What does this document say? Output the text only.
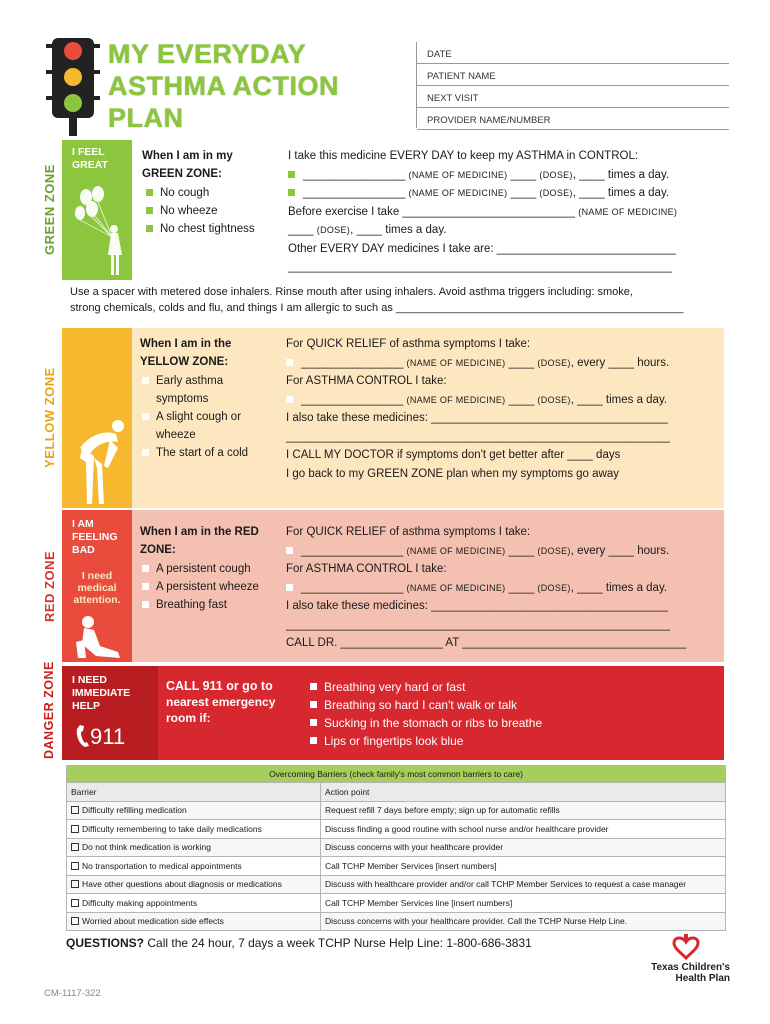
MY EVERYDAY
ASTHMA ACTION
PLAN
DATE
PATIENT NAME
NEXT VISIT
PROVIDER NAME/NUMBER
GREEN ZONE
I FEEL
GREAT
When I am in my
GREEN ZONE:
No cough
No wheeze
No chest tightness
I take this medicine EVERY DAY to keep my ASTHMA in CONTROL:
________________ (NAME OF MEDICINE) ____ (DOSE), ____ times a day.
________________ (NAME OF MEDICINE) ____ (DOSE), ____ times a day.
Before exercise I take ___________________________ (NAME OF MEDICINE)
____ (DOSE), ____ times a day.
Other EVERY DAY medicines I take are: ____________________________
____________________________________________________________
Use a spacer with metered dose inhalers. Rinse mouth after using inhalers. Avoid asthma triggers including: smoke,
strong chemicals, colds and flu, and things I am allergic to such as _______________________________________________
YELLOW ZONE
When I am in the
YELLOW ZONE:
Early asthma symptoms
A slight cough or wheeze
The start of a cold
For QUICK RELIEF of asthma symptoms I take:
________________ (NAME OF MEDICINE) ____ (DOSE), every ____ hours.
For ASTHMA CONTROL I take:
________________ (NAME OF MEDICINE) ____ (DOSE), ____ times a day.
I also take these medicines: _____________________________________
____________________________________________________________
I CALL MY DOCTOR if symptoms don't get better after ____ days
I go back to my GREEN ZONE plan when my symptoms go away
RED ZONE
I AM
FEELING
BAD
I need
medical
attention.
When I am in the RED
ZONE:
A persistent cough
A persistent wheeze
Breathing fast
For QUICK RELIEF of asthma symptoms I take:
________________ (NAME OF MEDICINE) ____ (DOSE), every ____ hours.
For ASTHMA CONTROL I take:
________________ (NAME OF MEDICINE) ____ (DOSE), ____ times a day.
I also take these medicines: _____________________________________
____________________________________________________________
CALL DR. ________________ AT ___________________________________
DANGER ZONE I NEED
IMMEDIATE
HELP
911
CALL 911 or go to
nearest emergency
room if:
Breathing very hard or fast
Breathing so hard I can't walk or talk
Sucking in the stomach or ribs to breathe
Lips or fingertips look blue
Overcoming Barriers (check family's most common barriers to care)	
Barrier	Action point
Difficulty refilling medication	Request refill 7 days before empty; sign up for automatic refills
Difficulty remembering to take daily medications	Discuss finding a good routine with school nurse and/or healthcare provider
Do not think medication is working	Discuss concerns with your healthcare provider
No transportation to medical appointments	Call TCHP Member Services [insert numbers]
Have other questions about diagnosis or medications	Discuss with healthcare provider and/or call TCHP Member Services to request a case manager
Difficulty making appointments	Call TCHP Member Services line [insert numbers]
Worried about medication side effects	Discuss concerns with your healthcare provider. Call the TCHP Nurse Help Line.
QUESTIONS? Call the 24 hour, 7 days a week TCHP Nurse Help Line: 1-800-686-3831
Texas Children's
Health Plan
CM-1117-322
